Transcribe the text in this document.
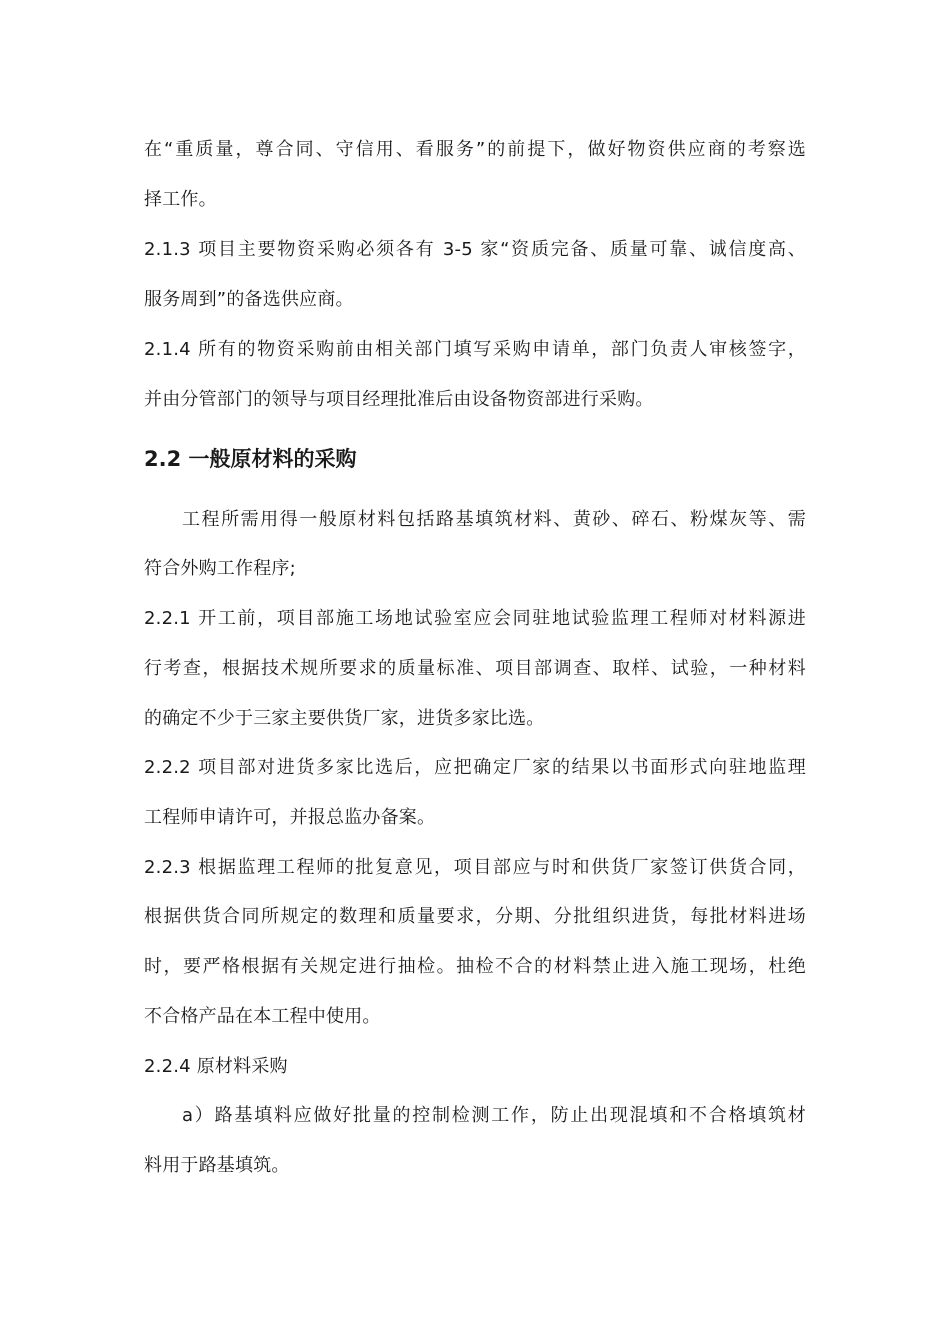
在“重质量，尊合同、守信用、看服务”的前提下，做好物资供应商的考察选
择工作。
2.1.3 项目主要物资采购必须各有 3-5 家“资质完备、质量可靠、诚信度高、
服务周到”的备选供应商。
2.1.4 所有的物资采购前由相关部门填写采购申请单，部门负责人审核签字，
并由分管部门的领导与项目经理批准后由设备物资部进行采购。
2.2 一般原材料的采购
工程所需用得一般原材料包括路基填筑材料、黄砂、碎石、粉煤灰等、需
符合外购工作程序;
2.2.1 开工前，项目部施工场地试验室应会同驻地试验监理工程师对材料源进
行考查，根据技术规所要求的质量标准、项目部调查、取样、试验，一种材料
的确定不少于三家主要供货厂家，进货多家比选。
2.2.2 项目部对进货多家比选后，应把确定厂家的结果以书面形式向驻地监理
工程师申请许可，并报总监办备案。
2.2.3 根据监理工程师的批复意见，项目部应与时和供货厂家签订供货合同，
根据供货合同所规定的数理和质量要求，分期、分批组织进货，每批材料进场
时，要严格根据有关规定进行抽检。抽检不合的材料禁止进入施工现场，杜绝
不合格产品在本工程中使用。
2.2.4 原材料采购
a）路基填料应做好批量的控制检测工作，防止出现混填和不合格填筑材
料用于路基填筑。
